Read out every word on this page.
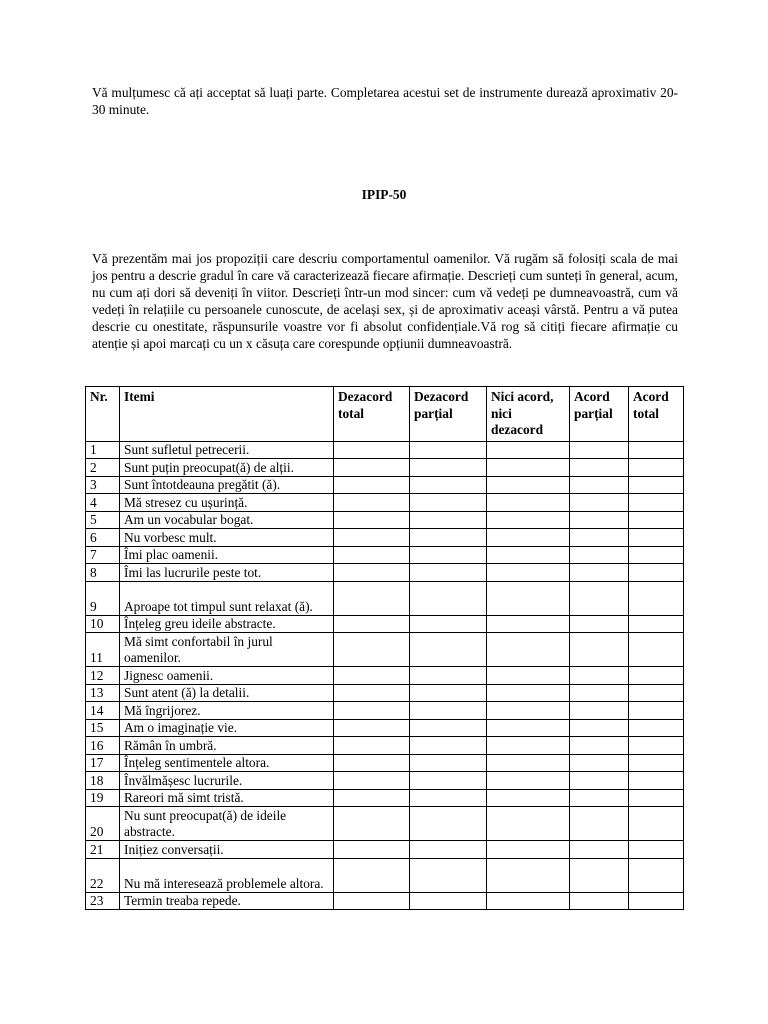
Vă mulțumesc că ați acceptat să luați parte. Completarea acestui set de instrumente durează aproximativ 20-30 minute.

IPIP-50

Vă prezentăm mai jos propoziții care descriu comportamentul oamenilor. Vă rugăm să folosiți scala de mai jos pentru a descrie gradul în care vă caracterizează fiecare afirmație. Descrieți cum sunteți în general, acum, nu cum ați dori să deveniți în viitor. Descrieți într-un mod sincer: cum vă vedeți pe dumneavoastră, cum vă vedeți în relațiile cu persoanele cunoscute, de același sex, și de aproximativ aceași vârstă. Pentru a vă putea descrie cu onestitate, răspunsurile voastre vor fi absolut confidențiale.Vă rog să citiți fiecare afirmație cu atenție și apoi marcați cu un x căsuța care corespunde opțiunii dumneavoastră.

Nr.	Itemi	Dezacord total	Dezacord parțial	Nici acord, nici dezacord	Acord parțial	Acord total
1	Sunt sufletul petrecerii.					
2	Sunt puțin preocupat(ă) de alții.					
3	Sunt întotdeauna pregătit (ă).					
4	Mă stresez cu ușurință.					
5	Am un vocabular bogat.					
6	Nu vorbesc mult.					
7	Îmi plac oamenii.					
8	Îmi las lucrurile peste tot.					
9	Aproape tot timpul sunt relaxat (ă).					
10	Înțeleg greu ideile abstracte.					
11	Mă simt confortabil în jurul oamenilor.					
12	Jignesc oamenii.					
13	Sunt atent (ă) la detalii.					
14	Mă îngrijorez.					
15	Am o imaginație vie.					
16	Rămân în umbră.					
17	Înțeleg sentimentele altora.					
18	Învălmășesc lucrurile.					
19	Rareori mă simt tristă.					
20	Nu sunt preocupat(ă) de ideile abstracte.					
21	Inițiez conversații.					
22	Nu mă interesează problemele altora.					
23	Termin treaba repede.					
